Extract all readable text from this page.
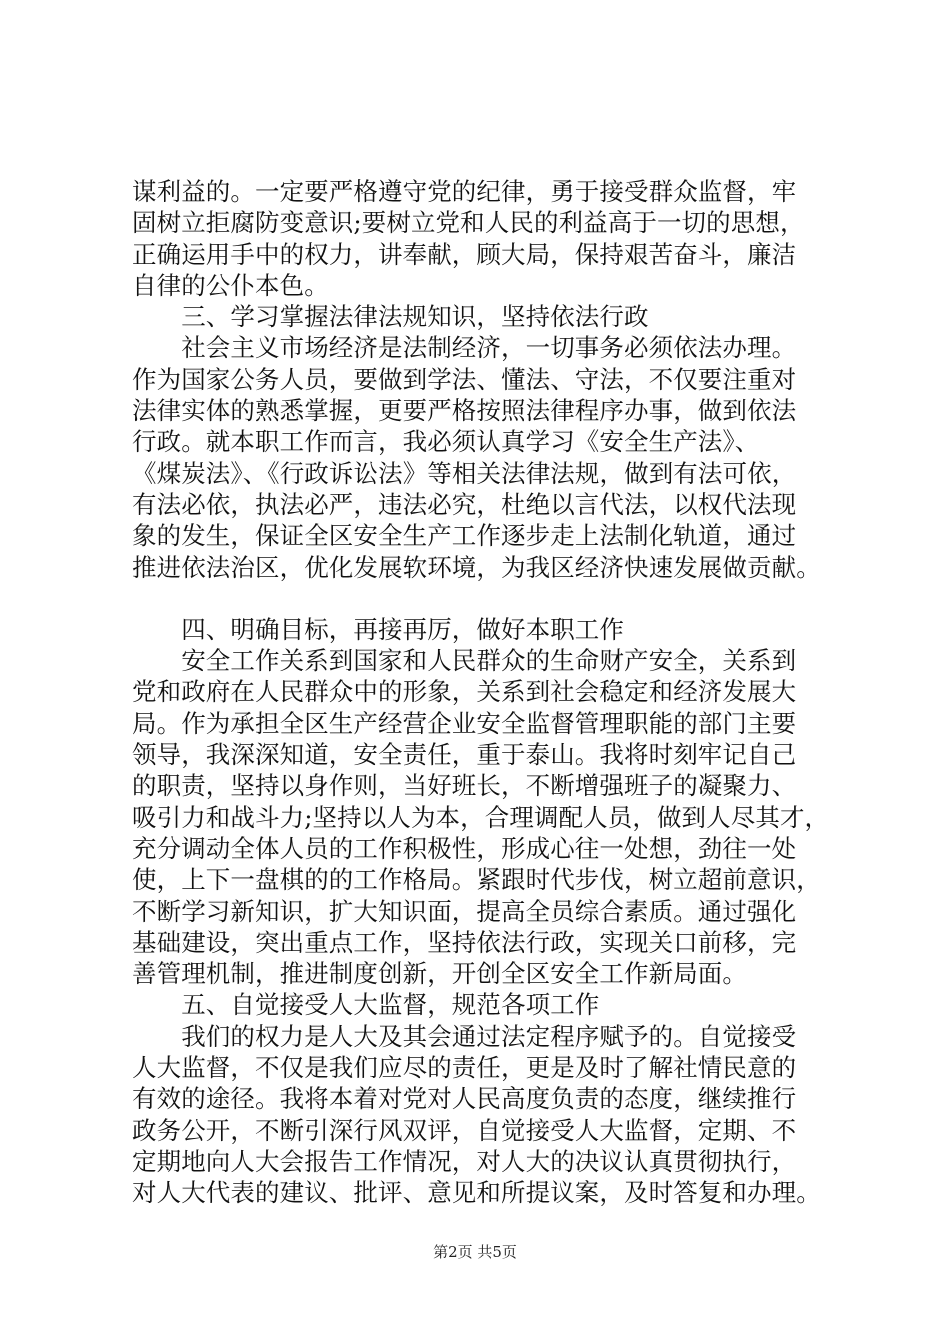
谋利益的。一定要严格遵守党的纪律，勇于接受群众监督，牢
固树立拒腐防变意识;要树立党和人民的利益高于一切的思想，
正确运用手中的权力，讲奉献，顾大局，保持艰苦奋斗，廉洁
自律的公仆本色。
　　三、学习掌握法律法规知识，坚持依法行政
　　社会主义市场经济是法制经济，一切事务必须依法办理。
作为国家公务人员，要做到学法、懂法、守法，不仅要注重对
法律实体的熟悉掌握，更要严格按照法律程序办事，做到依法
行政。就本职工作而言，我必须认真学习《安全生产法》、
《煤炭法》、《行政诉讼法》等相关法律法规，做到有法可依，
有法必依，执法必严，违法必究，杜绝以言代法，以权代法现
象的发生，保证全区安全生产工作逐步走上法制化轨道，通过
推进依法治区，优化发展软环境，为我区经济快速发展做贡献。
　　四、明确目标，再接再厉，做好本职工作
　　安全工作关系到国家和人民群众的生命财产安全，关系到
党和政府在人民群众中的形象，关系到社会稳定和经济发展大
局。作为承担全区生产经营企业安全监督管理职能的部门主要
领导，我深深知道，安全责任，重于泰山。我将时刻牢记自己
的职责，坚持以身作则，当好班长，不断增强班子的凝聚力、
吸引力和战斗力;坚持以人为本，合理调配人员，做到人尽其才，
充分调动全体人员的工作积极性，形成心往一处想，劲往一处
使，上下一盘棋的的工作格局。紧跟时代步伐，树立超前意识，
不断学习新知识，扩大知识面，提高全员综合素质。通过强化
基础建设，突出重点工作，坚持依法行政，实现关口前移，完
善管理机制，推进制度创新，开创全区安全工作新局面。
　　五、自觉接受人大监督，规范各项工作
　　我们的权力是人大及其会通过法定程序赋予的。自觉接受
人大监督，不仅是我们应尽的责任，更是及时了解社情民意的
有效的途径。我将本着对党对人民高度负责的态度，继续推行
政务公开，不断引深行风双评，自觉接受人大监督，定期、不
定期地向人大会报告工作情况，对人大的决议认真贯彻执行，
对人大代表的建议、批评、意见和所提议案，及时答复和办理。
第2页 共5页
